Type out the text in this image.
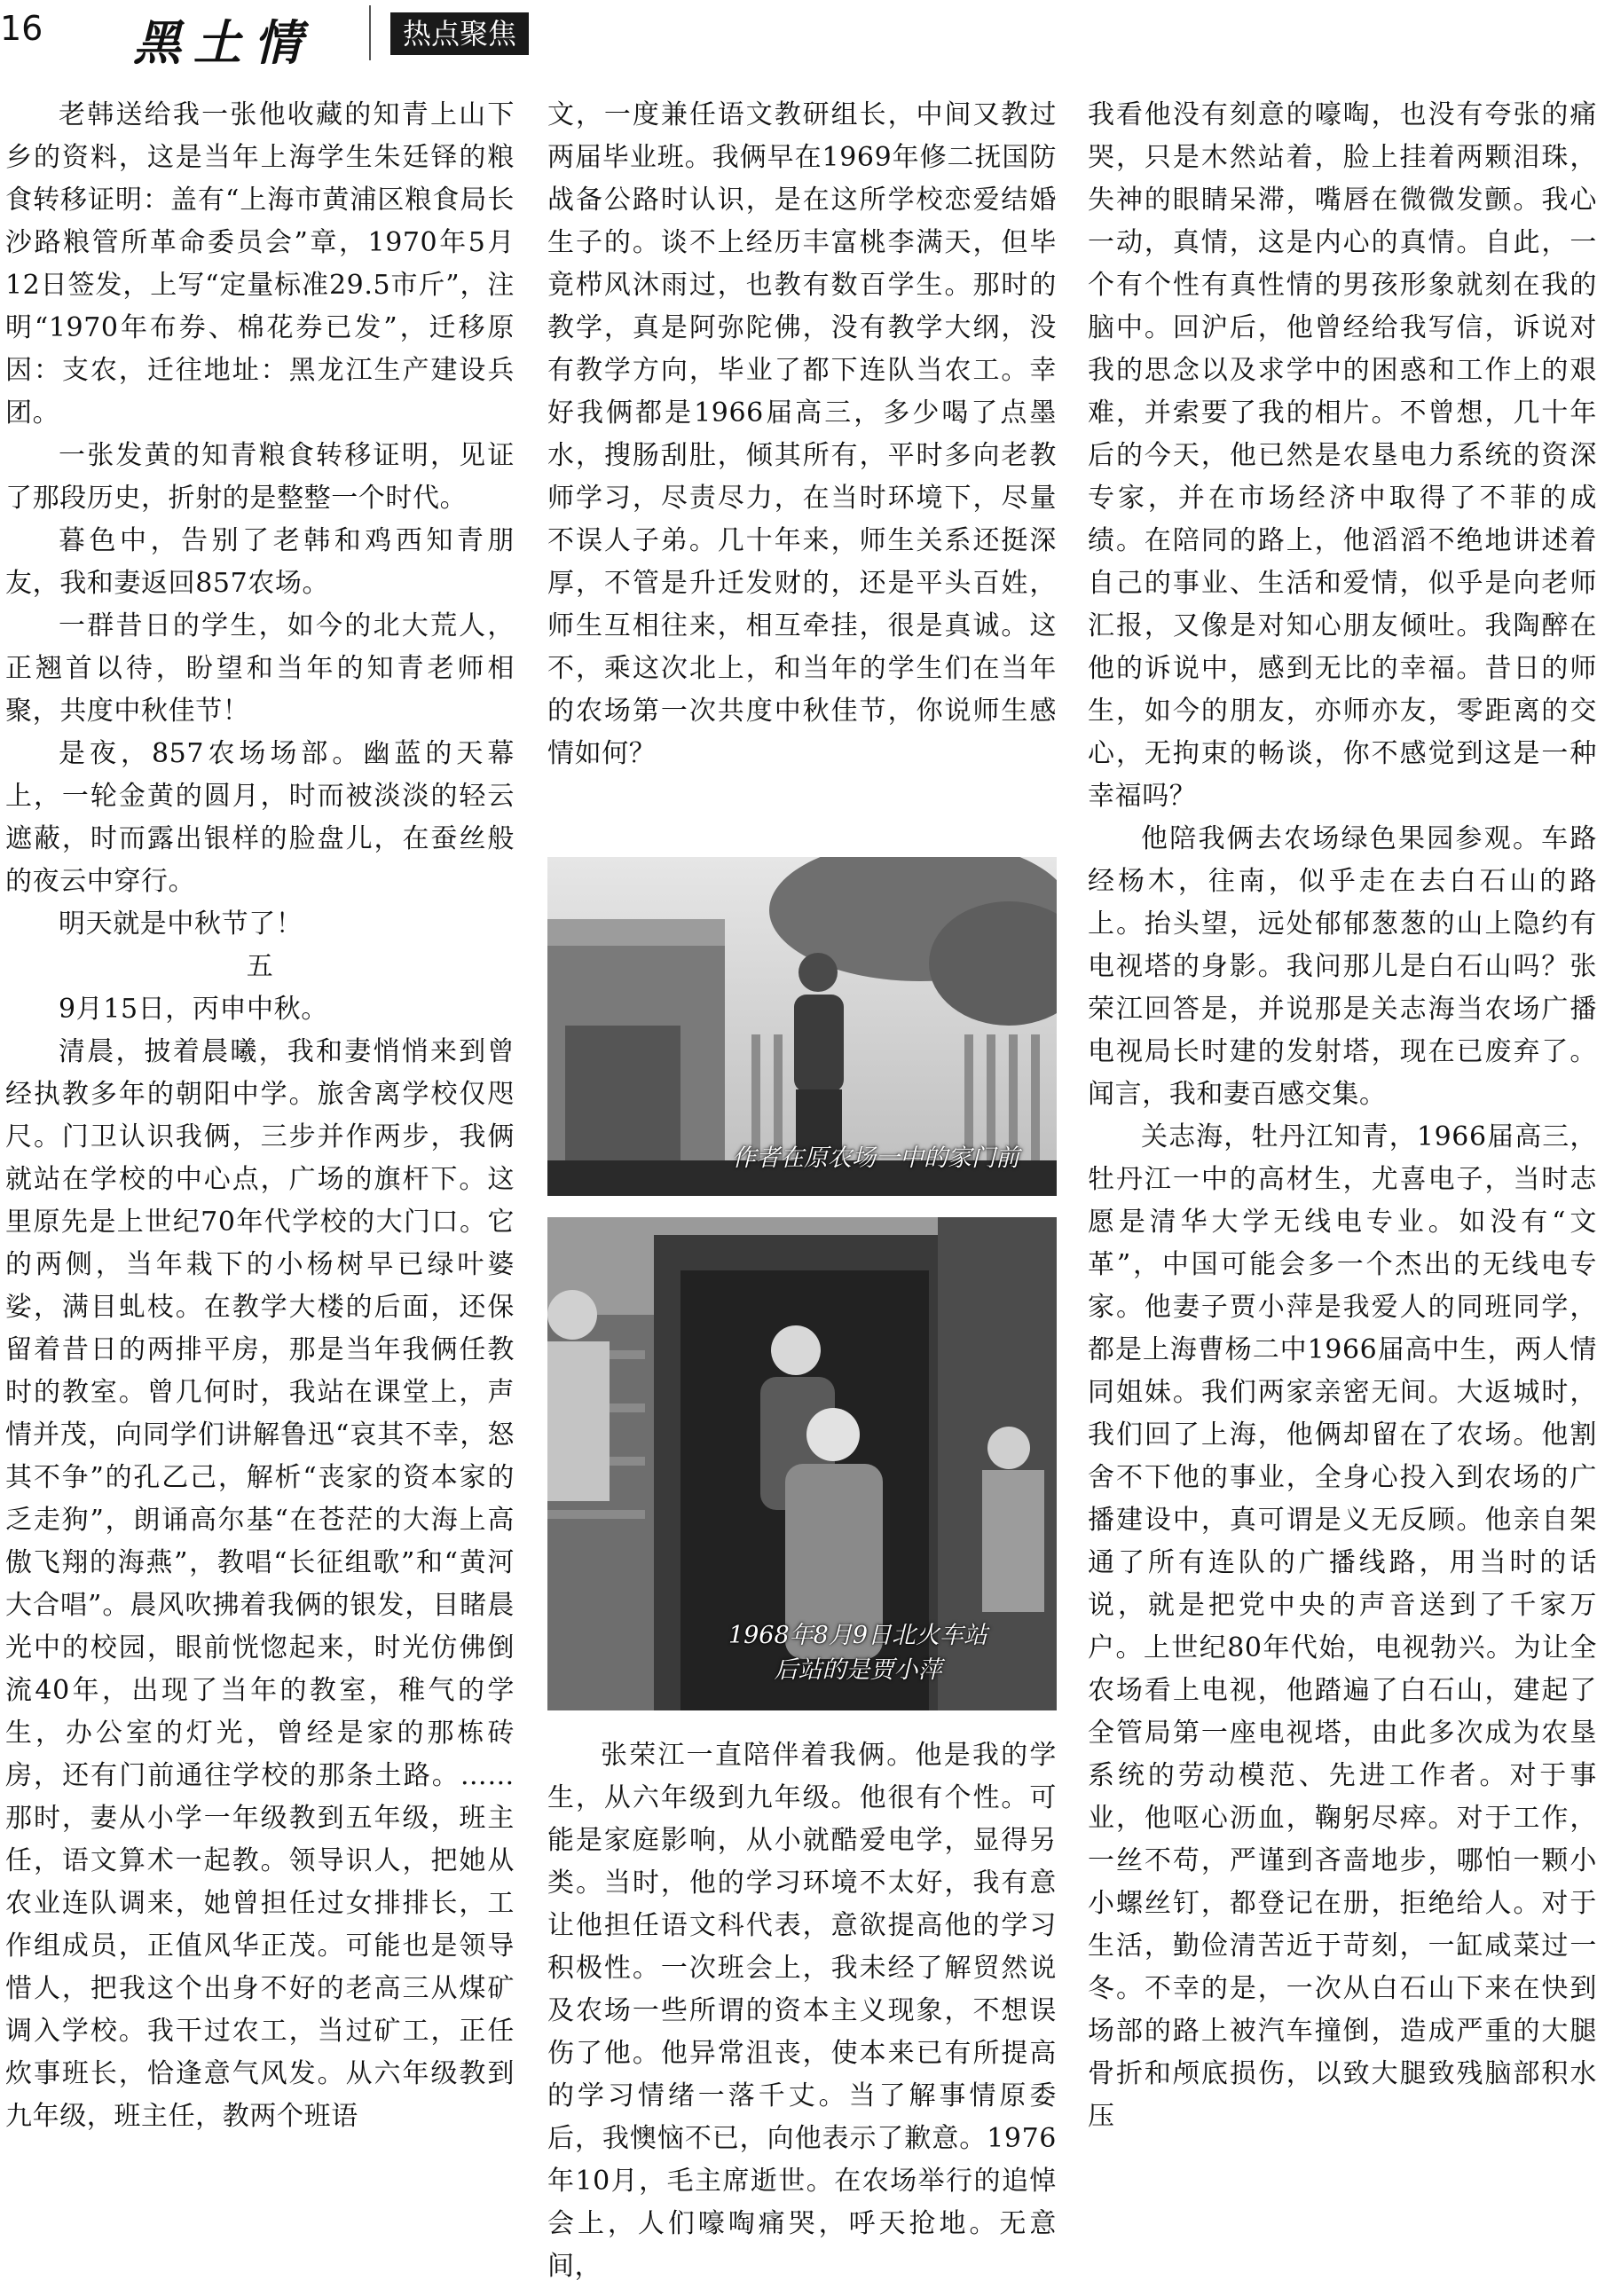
16 黑土情	热点聚焦

老韩送给我一张他收藏的知青上山下乡的资料，这是当年上海学生朱廷铎的粮食转移证明：盖有“上海市黄浦区粮食局长沙路粮管所革命委员会”章，1970年5月12日签发，上写“定量标准29.5市斤”，注明“1970年布券、棉花券已发”，迁移原因：支农，迁往地址：黑龙江生产建设兵团。

一张发黄的知青粮食转移证明，见证了那段历史，折射的是整整一个时代。

暮色中，告别了老韩和鸡西知青朋友，我和妻返回857农场。

一群昔日的学生，如今的北大荒人，正翘首以待，盼望和当年的知青老师相聚，共度中秋佳节！

是夜，857农场场部。幽蓝的天幕上，一轮金黄的圆月，时而被淡淡的轻云遮蔽，时而露出银样的脸盘儿，在蚕丝般的夜云中穿行。

明天就是中秋节了！

五

9月15日，丙申中秋。

清晨，披着晨曦，我和妻悄悄来到曾经执教多年的朝阳中学。旅舍离学校仅咫尺。门卫认识我俩，三步并作两步，我俩就站在学校的中心点，广场的旗杆下。这里原先是上世纪70年代学校的大门口。它的两侧，当年栽下的小杨树早已绿叶婆娑，满目虬枝。在教学大楼的后面，还保留着昔日的两排平房，那是当年我俩任教时的教室。曾几何时，我站在课堂上，声情并茂，向同学们讲解鲁迅“哀其不幸，怒其不争”的孔乙己，解析“丧家的资本家的乏走狗”，朗诵高尔基“在苍茫的大海上高傲飞翔的海燕”，教唱“长征组歌”和“黄河大合唱”。晨风吹拂着我俩的银发，目睹晨光中的校园，眼前恍惚起来，时光仿佛倒流40年，出现了当年的教室，稚气的学生，办公室的灯光，曾经是家的那栋砖房，还有门前通往学校的那条土路。……那时，妻从小学一年级教到五年级，班主任，语文算术一起教。领导识人，把她从农业连队调来，她曾担任过女排排长，工作组成员，正值风华正茂。可能也是领导惜人，把我这个出身不好的老高三从煤矿调入学校。我干过农工，当过矿工，正任炊事班长，恰逢意气风发。从六年级教到九年级，班主任，教两个班语

文，一度兼任语文教研组长，中间又教过两届毕业班。我俩早在1969年修二抚国防战备公路时认识，是在这所学校恋爱结婚生子的。谈不上经历丰富桃李满天，但毕竟栉风沐雨过，也教有数百学生。那时的教学，真是阿弥陀佛，没有教学大纲，没有教学方向，毕业了都下连队当农工。幸好我俩都是1966届高三，多少喝了点墨水，搜肠刮肚，倾其所有，平时多向老教师学习，尽责尽力，在当时环境下，尽量不误人子弟。几十年来，师生关系还挺深厚，不管是升迁发财的，还是平头百姓，师生互相往来，相互牵挂，很是真诚。这不，乘这次北上，和当年的学生们在当年的农场第一次共度中秋佳节，你说师生感情如何？

作者在原农场一中的家门前
1968年8月9日北火车站
后站的是贾小萍

张荣江一直陪伴着我俩。他是我的学生，从六年级到九年级。他很有个性。可能是家庭影响，从小就酷爱电学，显得另类。当时，他的学习环境不太好，我有意让他担任语文科代表，意欲提高他的学习积极性。一次班会上，我未经了解贸然说及农场一些所谓的资本主义现象，不想误伤了他。他异常沮丧，使本来已有所提高的学习情绪一落千丈。当了解事情原委后，我懊恼不已，向他表示了歉意。1976年10月，毛主席逝世。在农场举行的追悼会上，人们嚎啕痛哭，呼天抢地。无意间，

我看他没有刻意的嚎啕，也没有夸张的痛哭，只是木然站着，脸上挂着两颗泪珠，失神的眼睛呆滞，嘴唇在微微发颤。我心一动，真情，这是内心的真情。自此，一个有个性有真性情的男孩形象就刻在我的脑中。回沪后，他曾经给我写信，诉说对我的思念以及求学中的困惑和工作上的艰难，并索要了我的相片。不曾想，几十年后的今天，他已然是农垦电力系统的资深专家，并在市场经济中取得了不菲的成绩。在陪同的路上，他滔滔不绝地讲述着自己的事业、生活和爱情，似乎是向老师汇报，又像是对知心朋友倾吐。我陶醉在他的诉说中，感到无比的幸福。昔日的师生，如今的朋友，亦师亦友，零距离的交心，无拘束的畅谈，你不感觉到这是一种幸福吗？

他陪我俩去农场绿色果园参观。车路经杨木，往南，似乎走在去白石山的路上。抬头望，远处郁郁葱葱的山上隐约有电视塔的身影。我问那儿是白石山吗？张荣江回答是，并说那是关志海当农场广播电视局长时建的发射塔，现在已废弃了。闻言，我和妻百感交集。

关志海，牡丹江知青，1966届高三，牡丹江一中的高材生，尤喜电子，当时志愿是清华大学无线电专业。如没有“文革”，中国可能会多一个杰出的无线电专家。他妻子贾小萍是我爱人的同班同学，都是上海曹杨二中1966届高中生，两人情同姐妹。我们两家亲密无间。大返城时，我们回了上海，他俩却留在了农场。他割舍不下他的事业，全身心投入到农场的广播建设中，真可谓是义无反顾。他亲自架通了所有连队的广播线路，用当时的话说，就是把党中央的声音送到了千家万户。上世纪80年代始，电视勃兴。为让全农场看上电视，他踏遍了白石山，建起了全管局第一座电视塔，由此多次成为农垦系统的劳动模范、先进工作者。对于事业，他呕心沥血，鞠躬尽瘁。对于工作，一丝不苟，严谨到吝啬地步，哪怕一颗小小螺丝钉，都登记在册，拒绝给人。对于生活，勤俭清苦近于苛刻，一缸咸菜过一冬。不幸的是，一次从白石山下来在快到场部的路上被汽车撞倒，造成严重的大腿骨折和颅底损伤，以致大腿致残脑部积水压
